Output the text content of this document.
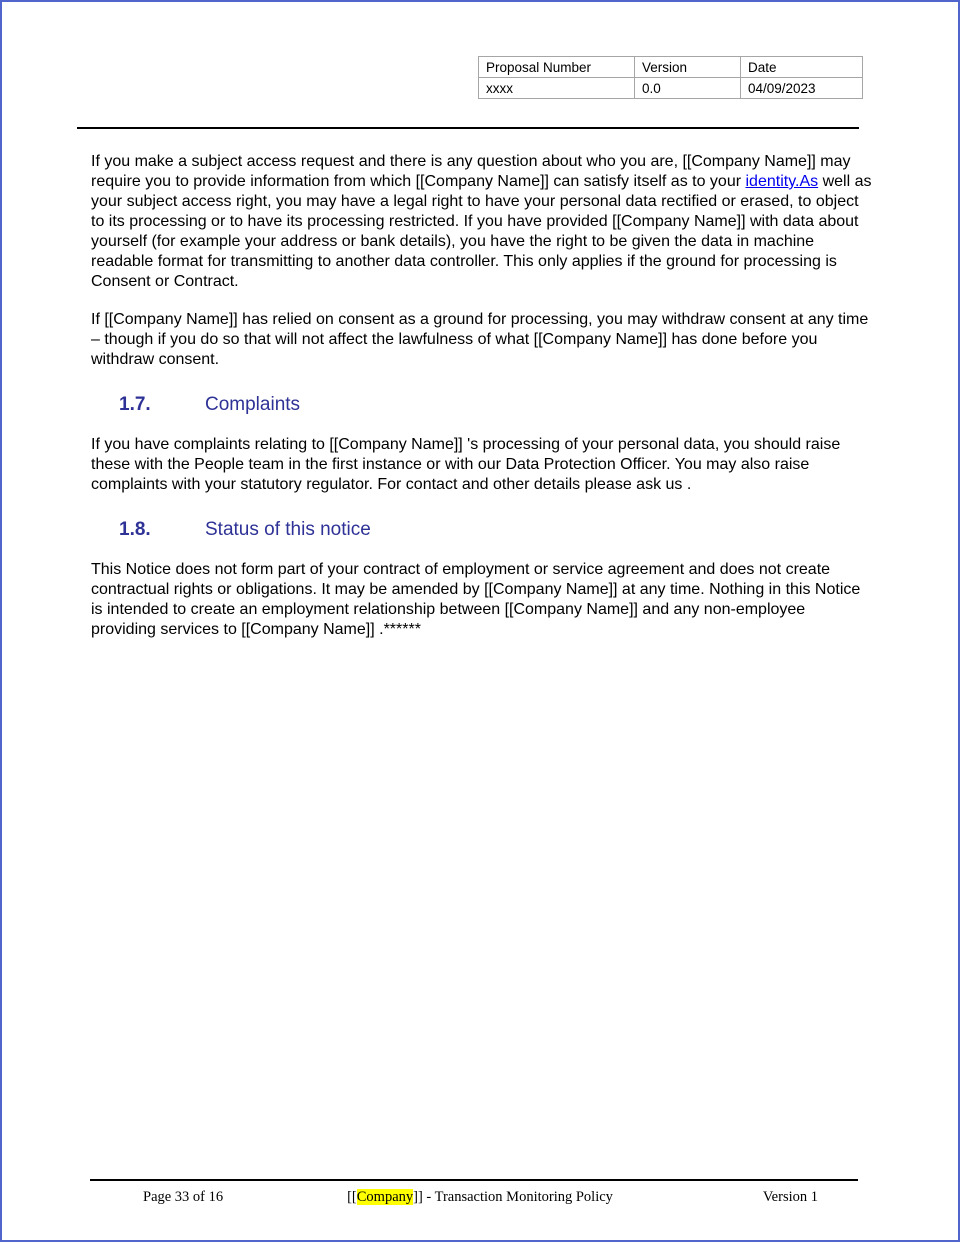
Proposal Number	Version	Date
xxxx	0.0	04/09/2023

If you make a subject access request and there is any question about who you are, [[Company Name]] may require you to provide information from which [[Company Name]] can satisfy itself as to your identity.As well as your subject access right, you may have a legal right to have your personal data rectified or erased, to object to its processing or to have its processing restricted. If you have provided [[Company Name]] with data about yourself (for example your address or bank details), you have the right to be given the data in machine readable format for transmitting to another data controller. This only applies if the ground for processing is Consent or Contract.

If [[Company Name]] has relied on consent as a ground for processing, you may withdraw consent at any time – though if you do so that will not affect the lawfulness of what [[Company Name]] has done before you withdraw consent.

1.7.	Complaints

If you have complaints relating to [[Company Name]] 's processing of your personal data, you should raise these with the People team in the first instance or with our Data Protection Officer. You may also raise complaints with your statutory regulator. For contact and other details please ask us .

1.8.	Status of this notice

This Notice does not form part of your contract of employment or service agreement and does not create contractual rights or obligations. It may be amended by [[Company Name]] at any time. Nothing in this Notice is intended to create an employment relationship between [[Company Name]] and any non-employee providing services to [[Company Name]] .******

[[Company]] - Transaction Monitoring Policy
Page 33 of 16	Version 1
